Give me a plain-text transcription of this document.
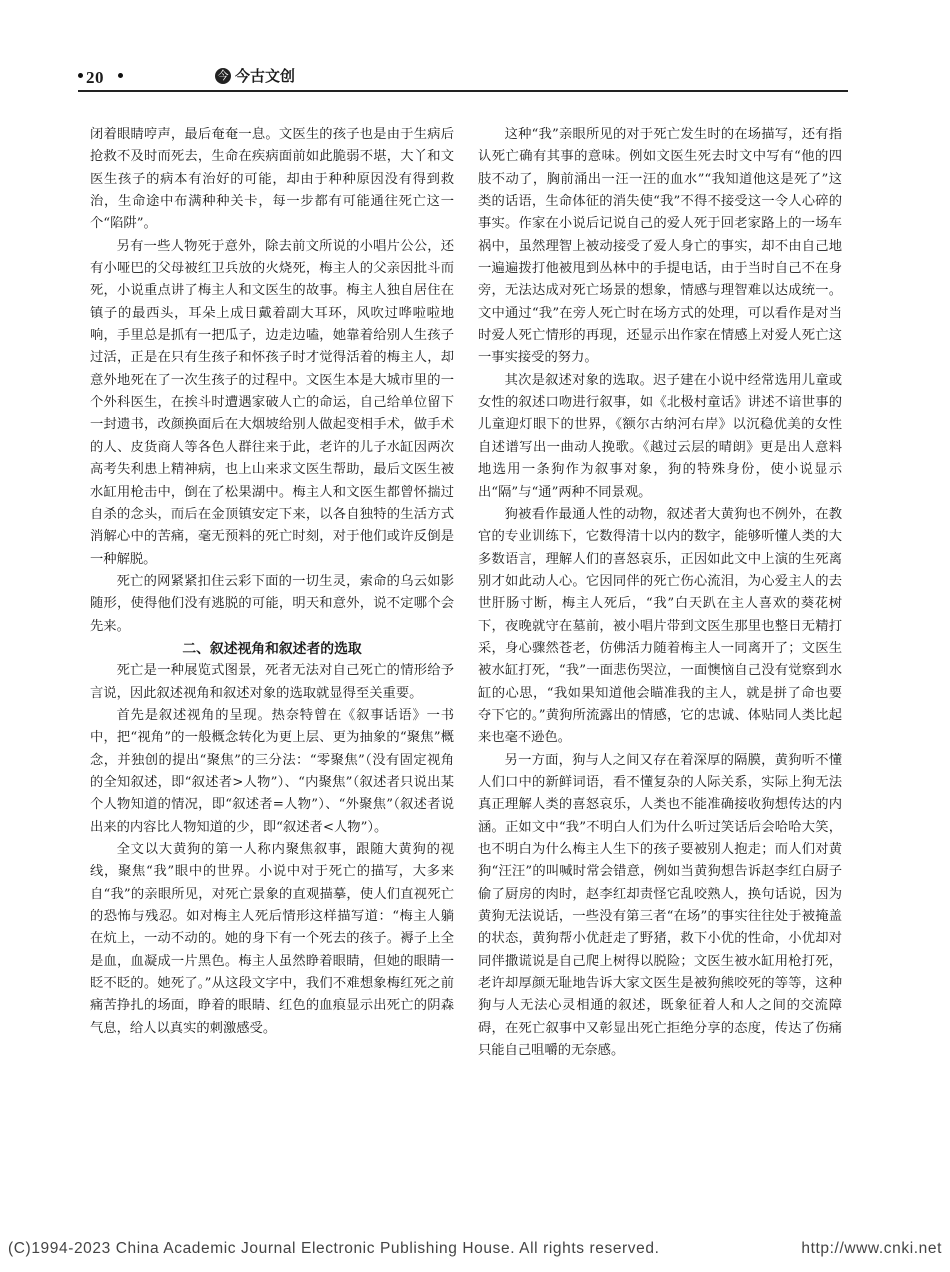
20	今 今古文创

闭着眼睛哼声，最后奄奄一息。文医生的孩子也是由于生病后抢救不及时而死去，生命在疾病面前如此脆弱不堪，大丫和文医生孩子的病本有治好的可能，却由于种种原因没有得到救治，生命途中布满种种关卡，每一步都有可能通往死亡这一个“陷阱”。

另有一些人物死于意外，除去前文所说的小唱片公公，还有小哑巴的父母被红卫兵放的火烧死，梅主人的父亲因批斗而死，小说重点讲了梅主人和文医生的故事。梅主人独自居住在镇子的最西头，耳朵上成日戴着副大耳环，风吹过哗啦啦地响，手里总是抓有一把瓜子，边走边嗑，她靠着给别人生孩子过活，正是在只有生孩子和怀孩子时才觉得活着的梅主人，却意外地死在了一次生孩子的过程中。文医生本是大城市里的一个外科医生，在挨斗时遭遇家破人亡的命运，自己给单位留下一封遗书，改颜换面后在大烟坡给别人做起变相手术，做手术的人、皮货商人等各色人群往来于此，老许的儿子水缸因两次高考失利患上精神病，也上山来求文医生帮助，最后文医生被水缸用枪击中，倒在了松果湖中。梅主人和文医生都曾怀揣过自杀的念头，而后在金顶镇安定下来，以各自独特的生活方式消解心中的苦痛，毫无预料的死亡时刻，对于他们或许反倒是一种解脱。

死亡的网紧紧扣住云彩下面的一切生灵，索命的乌云如影随形，使得他们没有逃脱的可能，明天和意外，说不定哪个会先来。

二、叙述视角和叙述者的选取

死亡是一种展览式图景，死者无法对自己死亡的情形给予言说，因此叙述视角和叙述对象的选取就显得至关重要。

首先是叙述视角的呈现。热奈特曾在《叙事话语》一书中，把“视角”的一般概念转化为更上层、更为抽象的“聚焦”概念，并独创的提出“聚焦”的三分法：“零聚焦”（没有固定视角的全知叙述，即“叙述者>人物”）、“内聚焦”（叙述者只说出某个人物知道的情况，即“叙述者=人物”）、“外聚焦”（叙述者说出来的内容比人物知道的少，即“叙述者<人物”）。

全文以大黄狗的第一人称内聚焦叙事，跟随大黄狗的视线，聚焦“我”眼中的世界。小说中对于死亡的描写，大多来自“我”的亲眼所见，对死亡景象的直观描摹，使人们直视死亡的恐怖与残忍。如对梅主人死后情形这样描写道：“梅主人躺在炕上，一动不动的。她的身下有一个死去的孩子。褥子上全是血，血凝成一片黑色。梅主人虽然睁着眼睛，但她的眼睛一眨不眨的。她死了。”从这段文字中，我们不难想象梅红死之前痛苦挣扎的场面，睁着的眼睛、红色的血痕显示出死亡的阴森气息，给人以真实的刺激感受。

这种“我”亲眼所见的对于死亡发生时的在场描写，还有指认死亡确有其事的意味。例如文医生死去时文中写有“他的四肢不动了，胸前涌出一汪一汪的血水”“我知道他这是死了”这类的话语，生命体征的消失使“我”不得不接受这一令人心碎的事实。作家在小说后记说自己的爱人死于回老家路上的一场车祸中，虽然理智上被动接受了爱人身亡的事实，却不由自己地一遍遍拨打他被甩到丛林中的手提电话，由于当时自己不在身旁，无法达成对死亡场景的想象，情感与理智难以达成统一。文中通过“我”在旁人死亡时在场方式的处理，可以看作是对当时爱人死亡情形的再现，还显示出作家在情感上对爱人死亡这一事实接受的努力。

其次是叙述对象的选取。迟子建在小说中经常选用儿童或女性的叙述口吻进行叙事，如《北极村童话》讲述不谙世事的儿童迎灯眼下的世界，《额尔古纳河右岸》以沉稳优美的女性自述谱写出一曲动人挽歌。《越过云层的晴朗》更是出人意料地选用一条狗作为叙事对象，狗的特殊身份，使小说显示出“隔”与“通”两种不同景观。

狗被看作最通人性的动物，叙述者大黄狗也不例外，在教官的专业训练下，它数得清十以内的数字，能够听懂人类的大多数语言，理解人们的喜怒哀乐，正因如此文中上演的生死离别才如此动人心。它因同伴的死亡伤心流泪，为心爱主人的去世肝肠寸断，梅主人死后，“我”白天趴在主人喜欢的葵花树下，夜晚就守在墓前，被小唱片带到文医生那里也整日无精打采，身心骤然苍老，仿佛活力随着梅主人一同离开了；文医生被水缸打死，“我”一面悲伤哭泣，一面懊恼自己没有觉察到水缸的心思，“我如果知道他会瞄准我的主人，就是拼了命也要夺下它的。”黄狗所流露出的情感，它的忠诚、体贴同人类比起来也毫不逊色。

另一方面，狗与人之间又存在着深厚的隔膜，黄狗听不懂人们口中的新鲜词语，看不懂复杂的人际关系，实际上狗无法真正理解人类的喜怒哀乐，人类也不能准确接收狗想传达的内涵。正如文中“我”不明白人们为什么听过笑话后会哈哈大笑，也不明白为什么梅主人生下的孩子要被别人抱走；而人们对黄狗“汪汪”的叫喊时常会错意，例如当黄狗想告诉赵李红白厨子偷了厨房的肉时，赵李红却责怪它乱咬熟人，换句话说，因为黄狗无法说话，一些没有第三者“在场”的事实往往处于被掩盖的状态，黄狗帮小优赶走了野猪，救下小优的性命，小优却对同伴撒谎说是自己爬上树得以脱险；文医生被水缸用枪打死，老许却厚颜无耻地告诉大家文医生是被狗熊咬死的等等，这种狗与人无法心灵相通的叙述，既象征着人和人之间的交流障碍，在死亡叙事中又彰显出死亡拒绝分享的态度，传达了伤痛只能自己咀嚼的无奈感。

(C)1994-2023 China Academic Journal Electronic Publishing House. All rights reserved.	http://www.cnki.net
